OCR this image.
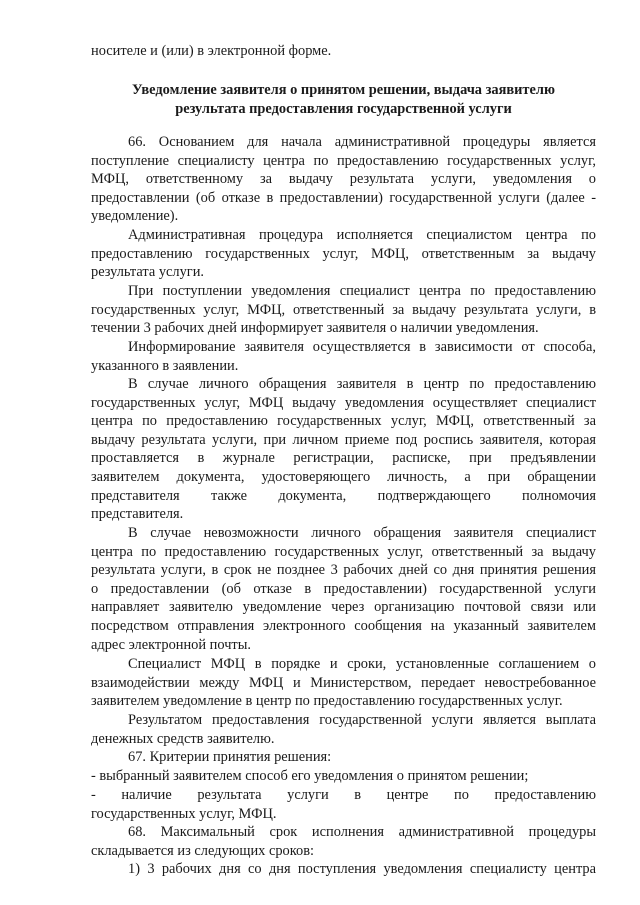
носителе и (или) в электронной форме.

Уведомление заявителя о принятом решении, выдача заявителю
результата предоставления государственной услуги
66. Основанием для начала административной процедуры является
поступление специалисту центра по предоставлению государственных услуг,
МФЦ, ответственному за выдачу результата услуги, уведомления о
предоставлении (об отказе в предоставлении) государственной услуги (далее -
уведомление).
Административная процедура исполняется специалистом центра по
предоставлению государственных услуг, МФЦ, ответственным за выдачу
результата услуги.
При поступлении уведомления специалист центра по предоставлению
государственных услуг, МФЦ, ответственный за выдачу результата услуги, в
течении 3 рабочих дней информирует заявителя о наличии уведомления.
Информирование заявителя осуществляется в зависимости от способа,
указанного в заявлении.
В случае личного обращения заявителя в центр по предоставлению
государственных услуг, МФЦ выдачу уведомления осуществляет специалист
центра по предоставлению государственных услуг, МФЦ, ответственный за
выдачу результата услуги, при личном приеме под роспись заявителя, которая
проставляется в журнале регистрации, расписке, при предъявлении
заявителем документа, удостоверяющего личность, а при обращении
представителя также документа, подтверждающего полномочия
представителя.
В случае невозможности личного обращения заявителя специалист
центра по предоставлению государственных услуг, ответственный за выдачу
результата услуги, в срок не позднее 3 рабочих дней со дня принятия решения
о предоставлении (об отказе в предоставлении) государственной услуги
направляет заявителю уведомление через организацию почтовой связи или
посредством отправления электронного сообщения на указанный заявителем
адрес электронной почты.
Специалист МФЦ в порядке и сроки, установленные соглашением о
взаимодействии между МФЦ и Министерством, передает невостребованное
заявителем уведомление в центр по предоставлению государственных услуг.
Результатом предоставления государственной услуги является выплата
денежных средств заявителю.
67. Критерии принятия решения:
- выбранный заявителем способ его уведомления о принятом решении;
- наличие результата услуги в центре по предоставлению
государственных услуг, МФЦ.
68. Максимальный срок исполнения административной процедуры
складывается из следующих сроков:
1) 3 рабочих дня со дня поступления уведомления специалисту центра
